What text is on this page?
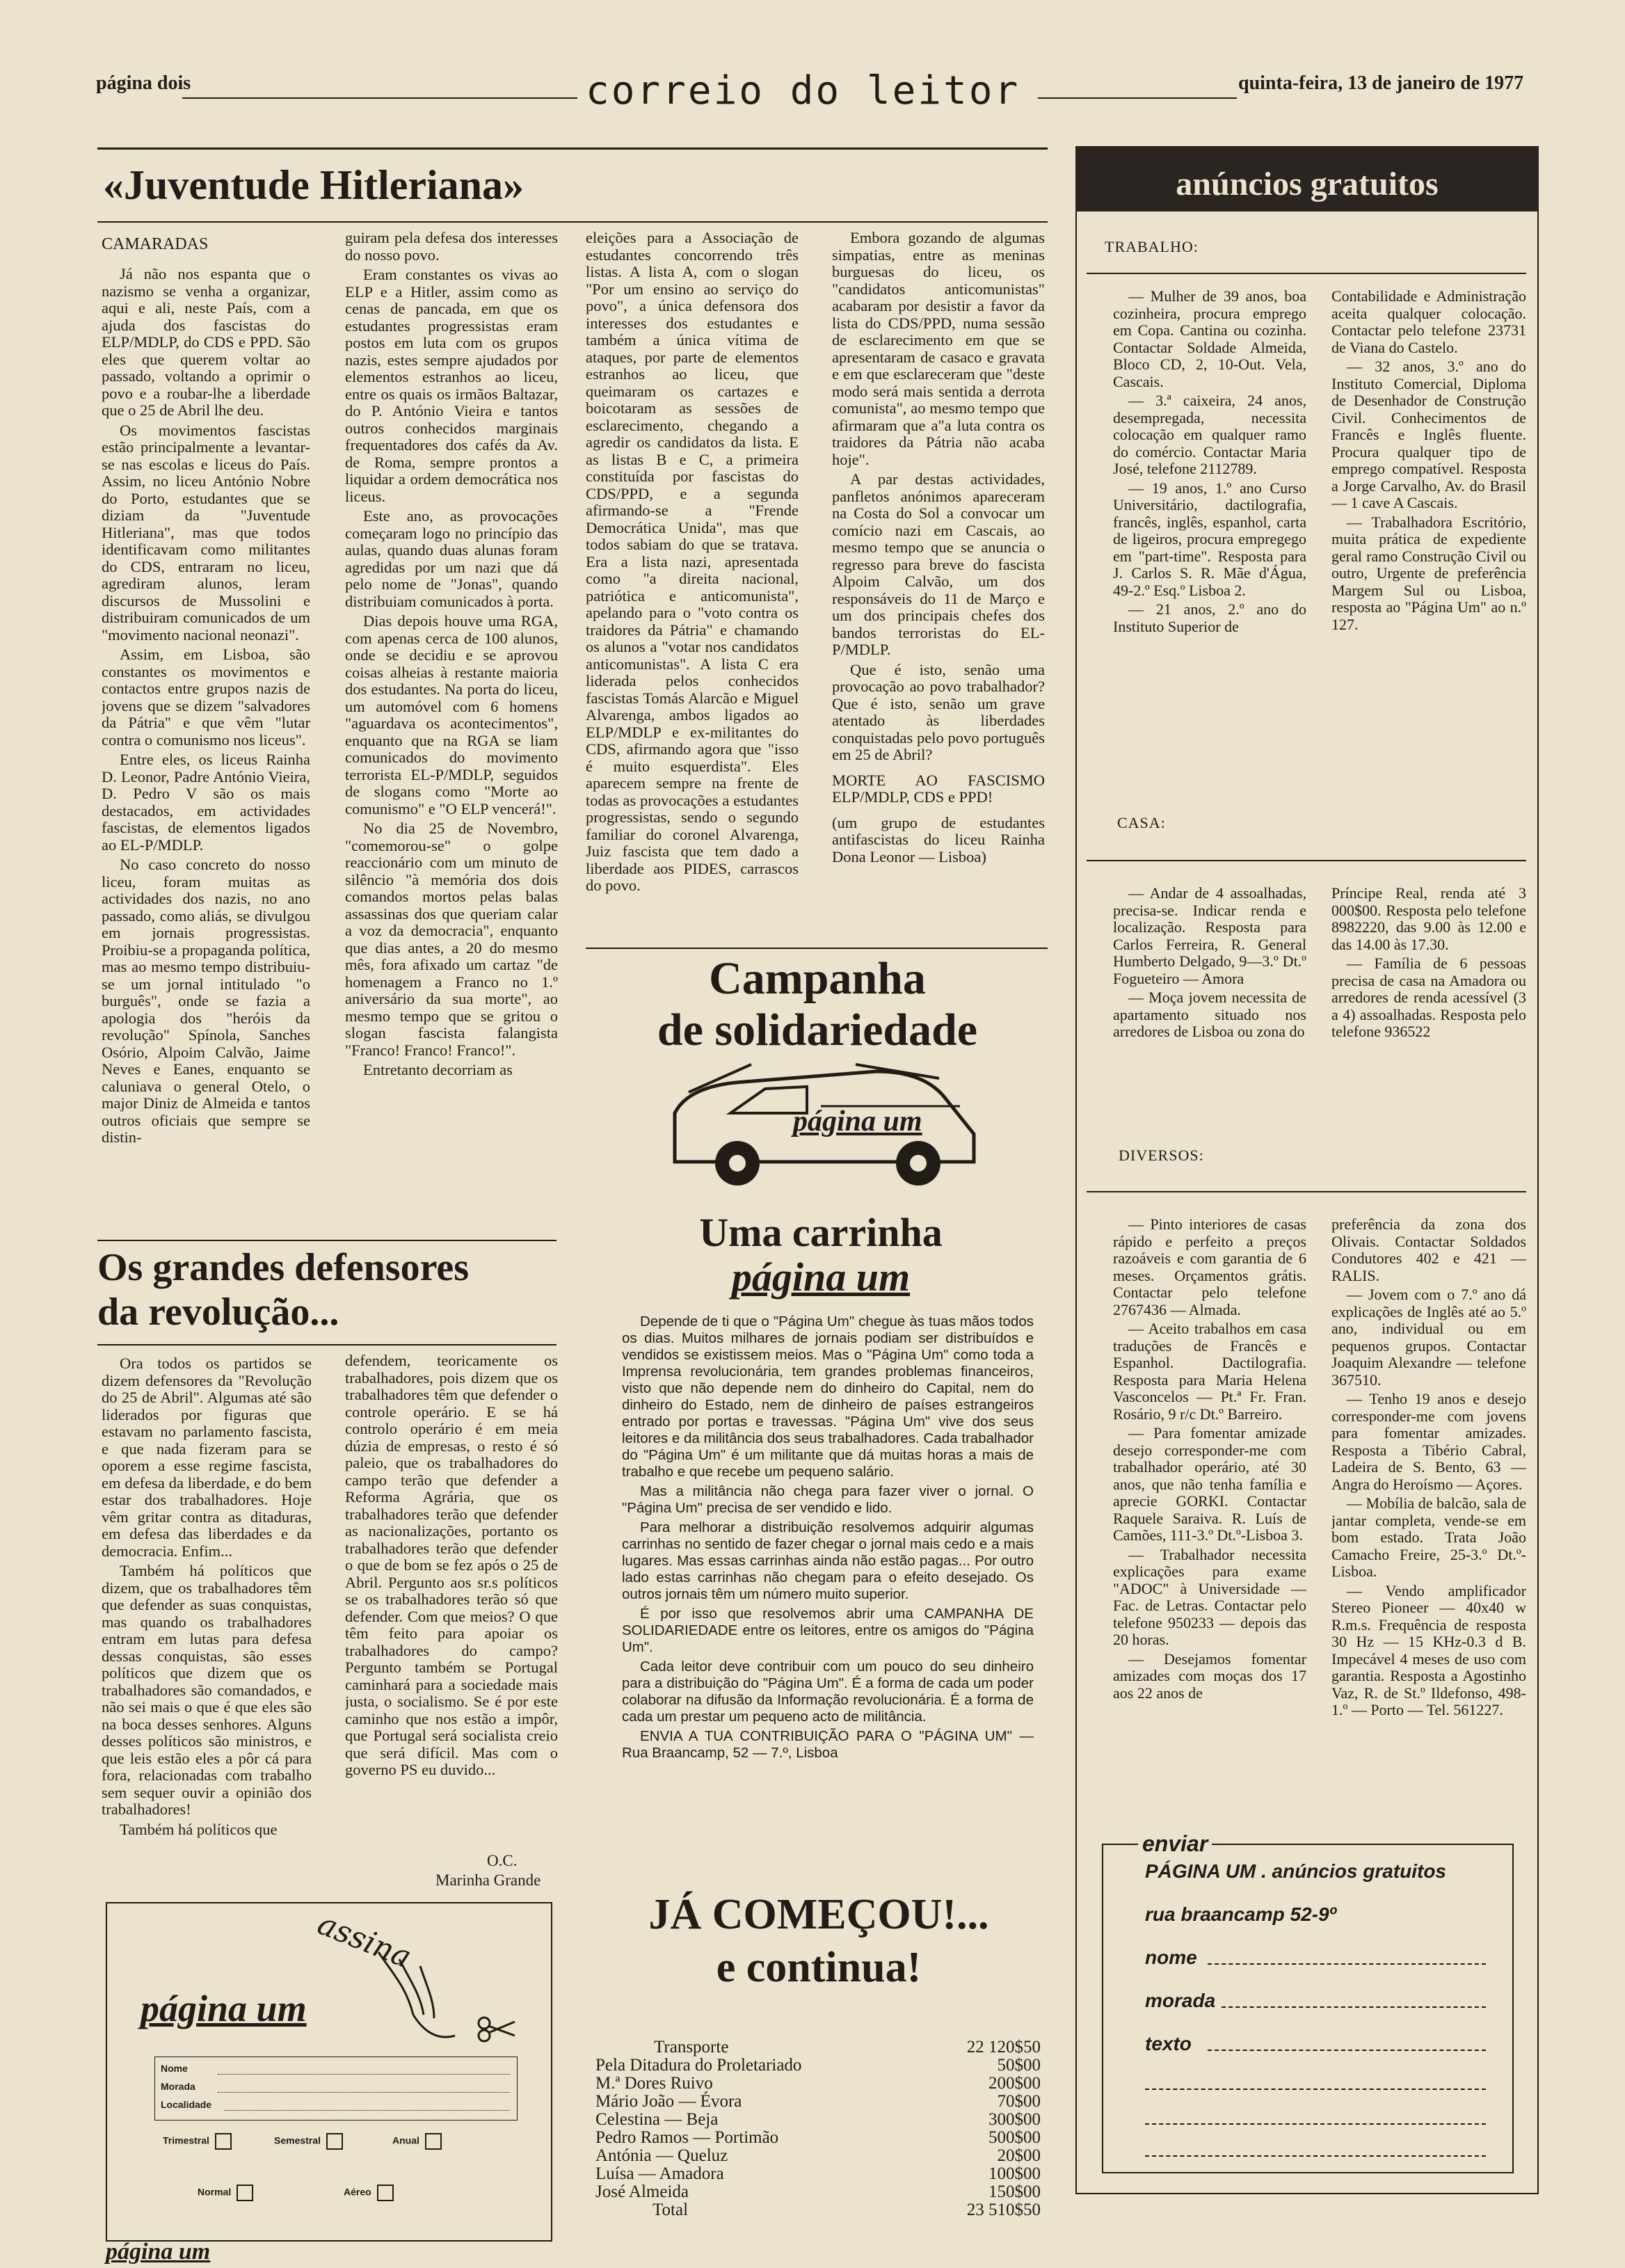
página dois	correio do leitor	quinta-feira, 13 de janeiro de 1977
«Juventude Hitleriana»
CAMARADAS

Já não nos espanta que o nazismo se venha a organizar, aqui e ali, neste País, com a ajuda dos fascistas do ELP/MDLP, do CDS e PPD. São eles que querem voltar ao passado, voltando a oprimir o povo e a roubar-lhe a liberdade que o 25 de Abril lhe deu.

Os movimentos fascistas estão principalmente a levantar-se nas escolas e liceus do País. Assim, no liceu António Nobre do Porto, estudantes que se diziam da "Juventude Hitleriana", mas que todos identificavam como militantes do CDS, entraram no liceu, agrediram alunos, leram discursos de Mussolini e distribuiram comunicados de um "movimento nacional neonazi".

Assim, em Lisboa, são constantes os movimentos e contactos entre grupos nazis de jovens que se dizem "salvadores da Pátria" e que vêm "lutar contra o comunismo nos liceus".

Entre eles, os liceus Rainha D. Leonor, Padre António Vieira, D. Pedro V são os mais destacados, em actividades fascistas, de elementos ligados ao EL-P/MDLP.

No caso concreto do nosso liceu, foram muitas as actividades dos nazis, no ano passado, como aliás, se divulgou em jornais progressistas. Proibiu-se a propaganda política, mas ao mesmo tempo distribuiu-se um jornal intitulado "o burguês", onde se fazia a apologia dos "heróis da revolução" Spínola, Sanches Osório, Alpoim Calvão, Jaime Neves e Eanes, enquanto se caluniava o general Otelo, o major Diniz de Almeida e tantos outros oficiais que sempre se distin-

guiram pela defesa dos interesses do nosso povo.

Eram constantes os vivas ao ELP e a Hitler, assim como as cenas de pancada, em que os estudantes progressistas eram postos em luta com os grupos nazis, estes sempre ajudados por elementos estranhos ao liceu, entre os quais os irmãos Baltazar, do P. António Vieira e tantos outros conhecidos marginais frequentadores dos cafés da Av. de Roma, sempre prontos a liquidar a ordem democrática nos liceus.

Este ano, as provocações começaram logo no princípio das aulas, quando duas alunas foram agredidas por um nazi que dá pelo nome de "Jonas", quando distribuiam comunicados à porta.

Dias depois houve uma RGA, com apenas cerca de 100 alunos, onde se decidiu e se aprovou coisas alheias à restante maioria dos estudantes. Na porta do liceu, um automóvel com 6 homens "aguardava os acontecimentos", enquanto que na RGA se liam comunicados do movimento terrorista EL-P/MDLP, seguidos de slogans como "Morte ao comunismo" e "O ELP vencerá!".

No dia 25 de Novembro, "comemorou-se" o golpe reaccionário com um minuto de silêncio "à memória dos dois comandos mortos pelas balas assassinas dos que queriam calar a voz da democracia", enquanto que dias antes, a 20 do mesmo mês, fora afixado um cartaz "de homenagem a Franco no 1.º aniversário da sua morte", ao mesmo tempo que se gritou o slogan fascista falangista "Franco! Franco! Franco!".

Entretanto decorriam as

eleições para a Associação de estudantes concorrendo três listas. A lista A, com o slogan "Por um ensino ao serviço do povo", a única defensora dos interesses dos estudantes e também a única vítima de ataques, por parte de elementos estranhos ao liceu, que queimaram os cartazes e boicotaram as sessões de esclarecimento, chegando a agredir os candidatos da lista. E as listas B e C, a primeira constituída por fascistas do CDS/PPD, e a segunda afirmando-se a "Frende Democrática Unida", mas que todos sabiam do que se tratava. Era a lista nazi, apresentada como "a direita nacional, patriótica e anticomunista", apelando para o "voto contra os traidores da Pátria" e chamando os alunos a "votar nos candidatos anticomunistas". A lista C era liderada pelos conhecidos fascistas Tomás Alarcão e Miguel Alvarenga, ambos ligados ao ELP/MDLP e ex-militantes do CDS, afirmando agora que "isso é muito esquerdista". Eles aparecem sempre na frente de todas as provocações a estudantes progressistas, sendo o segundo familiar do coronel Alvarenga, Juiz fascista que tem dado a liberdade aos PIDES, carrascos do povo.

Embora gozando de algumas simpatias, entre as meninas burguesas do liceu, os "candidatos anticomunistas" acabaram por desistir a favor da lista do CDS/PPD, numa sessão de esclarecimento em que se apresentaram de casaco e gravata e em que esclareceram que "deste modo será mais sentida a derrota comunista", ao mesmo tempo que afirmaram que a"a luta contra os traidores da Pátria não acaba hoje".

A par destas actividades, panfletos anónimos apareceram na Costa do Sol a convocar um comício nazi em Cascais, ao mesmo tempo que se anuncia o regresso para breve do fascista Alpoim Calvão, um dos responsáveis do 11 de Março e um dos principais chefes dos bandos terroristas do EL-P/MDLP.

Que é isto, senão uma provocação ao povo trabalhador? Que é isto, senão um grave atentado às liberdades conquistadas pelo povo português em 25 de Abril?

MORTE AO FASCISMO ELP/MDLP, CDS e PPD!

(um grupo de estudantes antifascistas do liceu Rainha Dona Leonor — Lisboa)

Os grandes defensores
da revolução...

Ora todos os partidos se dizem defensores da "Revolução do 25 de Abril". Algumas até são liderados por figuras que estavam no parlamento fascista, e que nada fizeram para se oporem a esse regime fascista, em defesa da liberdade, e do bem estar dos trabalhadores. Hoje vêm gritar contra as ditaduras, em defesa das liberdades e da democracia. Enfim...

Também há políticos que dizem, que os trabalhadores têm que defender as suas conquistas, mas quando os trabalhadores entram em lutas para defesa dessas conquistas, são esses políticos que dizem que os trabalhadores são comandados, e não sei mais o que é que eles são na boca desses senhores. Alguns desses políticos são ministros, e que leis estão eles a pôr cá para fora, relacionadas com trabalho sem sequer ouvir a opinião dos trabalhadores!

Também há políticos que

defendem, teoricamente os trabalhadores, pois dizem que os trabalhadores têm que defender o controle operário. E se há controlo operário é em meia dúzia de empresas, o resto é só paleio, que os trabalhadores do campo terão que defender a Reforma Agrária, que os trabalhadores terão que defender as nacionalizações, portanto os trabalhadores terão que defender o que de bom se fez após o 25 de Abril. Pergunto aos sr.s políticos se os trabalhadores terão só que defender. Com que meios? O que têm feito para apoiar os trabalhadores do campo? Pergunto também se Portugal caminhará para a sociedade mais justa, o socialismo. Se é por este caminho que nos estão a impôr, que Portugal será socialista creio que será difícil. Mas com o governo PS eu duvido...

O.C.
Marinha Grande
assina
página um
Nome
Morada
Localidade
Trimestral	Semestral	Anual
Normal	Aéreo
página um
Campanha
de solidariedade
página um
Uma carrinha
página um

Depende de ti que o "Página Um" chegue às tuas mãos todos os dias. Muitos milhares de jornais podiam ser distribuídos e vendidos se existissem meios. Mas o "Página Um" como toda a Imprensa revolucionária, tem grandes problemas financeiros, visto que não depende nem do dinheiro do Capital, nem do dinheiro do Estado, nem de dinheiro de países estrangeiros entrado por portas e travessas. "Página Um" vive dos seus leitores e da militância dos seus trabalhadores. Cada trabalhador do "Página Um" é um militante que dá muitas horas a mais de trabalho e que recebe um pequeno salário.

Mas a militância não chega para fazer viver o jornal. O "Página Um" precisa de ser vendido e lido.

Para melhorar a distribuição resolvemos adquirir algumas carrinhas no sentido de fazer chegar o jornal mais cedo e a mais lugares. Mas essas carrinhas ainda não estão pagas... Por outro lado estas carrinhas não chegam para o efeito desejado. Os outros jornais têm um número muito superior.

É por isso que resolvemos abrir uma CAMPANHA DE SOLIDARIEDADE entre os leitores, entre os amigos do "Página Um".

Cada leitor deve contribuir com um pouco do seu dinheiro para a distribuição do "Página Um". É a forma de cada um poder colaborar na difusão da Informação revolucionária. É a forma de cada um prestar um pequeno acto de militância.

ENVIA A TUA CONTRIBUIÇÃO PARA O "PÁGINA UM" — Rua Braancamp, 52 — 7.º, Lisboa

JÁ COMEÇOU!...
e continua!
Transporte	22 120$50
Pela Ditadura do Proletariado	50$00
M.ª Dores Ruivo	200$00
Mário João — Évora	70$00
Celestina — Beja	300$00
Pedro Ramos — Portimão	500$00
Antónia — Queluz	20$00
Luísa — Amadora	100$00
José Almeida	150$00
Total	23 510$50
anúncios gratuitos
TRABALHO:

— Mulher de 39 anos, boa cozinheira, procura emprego em Copa. Cantina ou cozinha. Contactar Soldade Almeida, Bloco CD, 2, 10-Out. Vela, Cascais.

— 3.ª caixeira, 24 anos, desempregada, necessita colocação em qualquer ramo do comércio. Contactar Maria José, telefone 2112789.

— 19 anos, 1.º ano Curso Universitário, dactilografia, francês, inglês, espanhol, carta de ligeiros, procura empregego em "part-time". Resposta para J. Carlos S. R. Mãe d'Água, 49-2.º Esq.º Lisboa 2.

— 21 anos, 2.º ano do Instituto Superior de

Contabilidade e Administração aceita qualquer colocação. Contactar pelo telefone 23731 de Viana do Castelo.

— 32 anos, 3.º ano do Instituto Comercial, Diploma de Desenhador de Construção Civil. Conhecimentos de Francês e Inglês fluente. Procura qualquer tipo de emprego compatível. Resposta a Jorge Carvalho, Av. do Brasil — 1 cave A Cascais.

— Trabalhadora Escritório, muita prática de expediente geral ramo Construção Civil ou outro, Urgente de preferência Margem Sul ou Lisboa, resposta ao "Página Um" ao n.º 127.

CASA:

— Andar de 4 assoalhadas, precisa-se. Indicar renda e localização. Resposta para Carlos Ferreira, R. General Humberto Delgado, 9—3.º Dt.º Fogueteiro — Amora

— Moça jovem necessita de apartamento situado nos arredores de Lisboa ou zona do

Príncipe Real, renda até 3 000$00. Resposta pelo telefone 8982220, das 9.00 às 12.00 e das 14.00 às 17.30.

— Família de 6 pessoas precisa de casa na Amadora ou arredores de renda acessível (3 a 4) assoalhadas. Resposta pelo telefone 936522

DIVERSOS:

— Pinto interiores de casas rápido e perfeito a preços razoáveis e com garantia de 6 meses. Orçamentos grátis. Contactar pelo telefone 2767436 — Almada.

— Aceito trabalhos em casa traduções de Francês e Espanhol. Dactilografia. Resposta para Maria Helena Vasconcelos — Pt.ª Fr. Fran. Rosário, 9 r/c Dt.º Barreiro.

— Para fomentar amizade desejo corresponder-me com trabalhador operário, até 30 anos, que não tenha família e aprecie GORKI. Contactar Raquele Saraiva. R. Luís de Camões, 111-3.º Dt.º-Lisboa 3.

— Trabalhador necessita explicações para exame "ADOC" à Universidade — Fac. de Letras. Contactar pelo telefone 950233 — depois das 20 horas.

— Desejamos fomentar amizades com moças dos 17 aos 22 anos de

preferência da zona dos Olivais. Contactar Soldados Condutores 402 e 421 — RALIS.

— Jovem com o 7.º ano dá explicações de Inglês até ao 5.º ano, individual ou em pequenos grupos. Contactar Joaquim Alexandre — telefone 367510.

— Tenho 19 anos e desejo corresponder-me com jovens para fomentar amizades. Resposta a Tibério Cabral, Ladeira de S. Bento, 63 — Angra do Heroísmo — Açores.

— Mobília de balcão, sala de jantar completa, vende-se em bom estado. Trata João Camacho Freire, 25-3.º Dt.º-Lisboa.

— Vendo amplificador Stereo Pioneer — 40x40 w R.m.s. Frequência de resposta 30 Hz — 15 KHz-0.3 d B. Impecável 4 meses de uso com garantia. Resposta a Agostinho Vaz, R. de St.º Ildefonso, 498-1.º — Porto — Tel. 561227.

enviar
PÁGINA UM . anúncios gratuitos
rua braancamp 52-9º
nome
morada
texto
